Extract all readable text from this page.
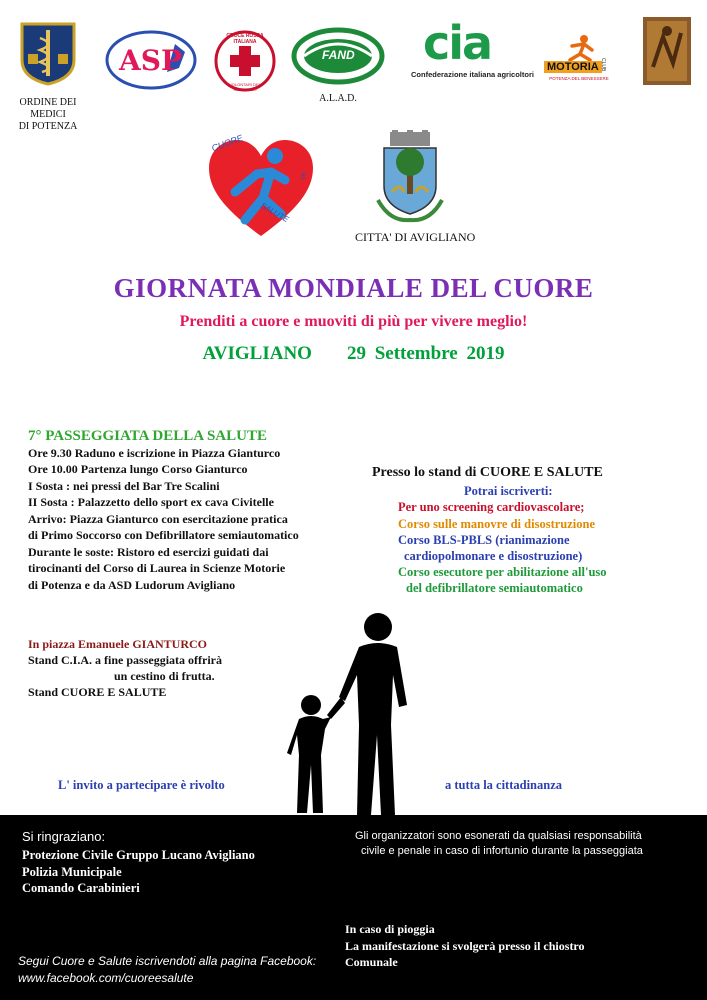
ORDINE DEI MEDICI
DI POTENZA
ASP
CROCE ROSSA ITALIANA
VOLONTARI DEL SOCCORSO
FAND
A.L.A.D.
cia
Confederazione italiana agricoltori
MOTORIA CLUB
POTENZA DEL BENESSERE
CUORE
E
SALUTE
CITTA' DI AVIGLIANO
GIORNATA MONDIALE DEL CUORE
Prenditi a cuore e muoviti di più per vivere meglio!
AVIGLIANO 29 Settembre 2019
7° PASSEGGIATA DELLA SALUTE
Ore 9.30 Raduno e iscrizione in Piazza Gianturco
Ore 10.00 Partenza lungo Corso Gianturco
I Sosta : nei pressi del Bar Tre Scalini
II Sosta : Palazzetto dello sport ex cava Civitelle
Arrivo: Piazza Gianturco con esercitazione pratica
di Primo Soccorso con Defibrillatore semiautomatico
Durante le soste: Ristoro ed esercizi guidati dai
tirocinanti del Corso di Laurea in Scienze Motorie
di Potenza e da ASD Ludorum Avigliano
Presso lo stand di CUORE E SALUTE
Potrai iscriverti:
Per uno screening cardiovascolare;
Corso sulle manovre di disostruzione
Corso BLS-PBLS (rianimazione
cardiopolmonare e disostruzione)
Corso esecutore per abilitazione all'uso
del defibrillatore semiautomatico
In piazza Emanuele GIANTURCO
Stand C.I.A. a fine passeggiata offrirà
un cestino di frutta.
Stand CUORE E SALUTE
L' invito a partecipare è rivolto	a tutta la cittadinanza
Si ringraziano:
Protezione Civile Gruppo Lucano Avigliano
Polizia Municipale
Comando Carabinieri
Gli organizzatori sono esonerati da qualsiasi responsabilità
civile e penale in caso di infortunio durante la passeggiata
In caso di pioggia
La manifestazione si svolgerà presso il chiostro
Comunale
Segui Cuore e Salute iscrivendoti alla pagina Facebook:
www.facebook.com/cuoreesalute
